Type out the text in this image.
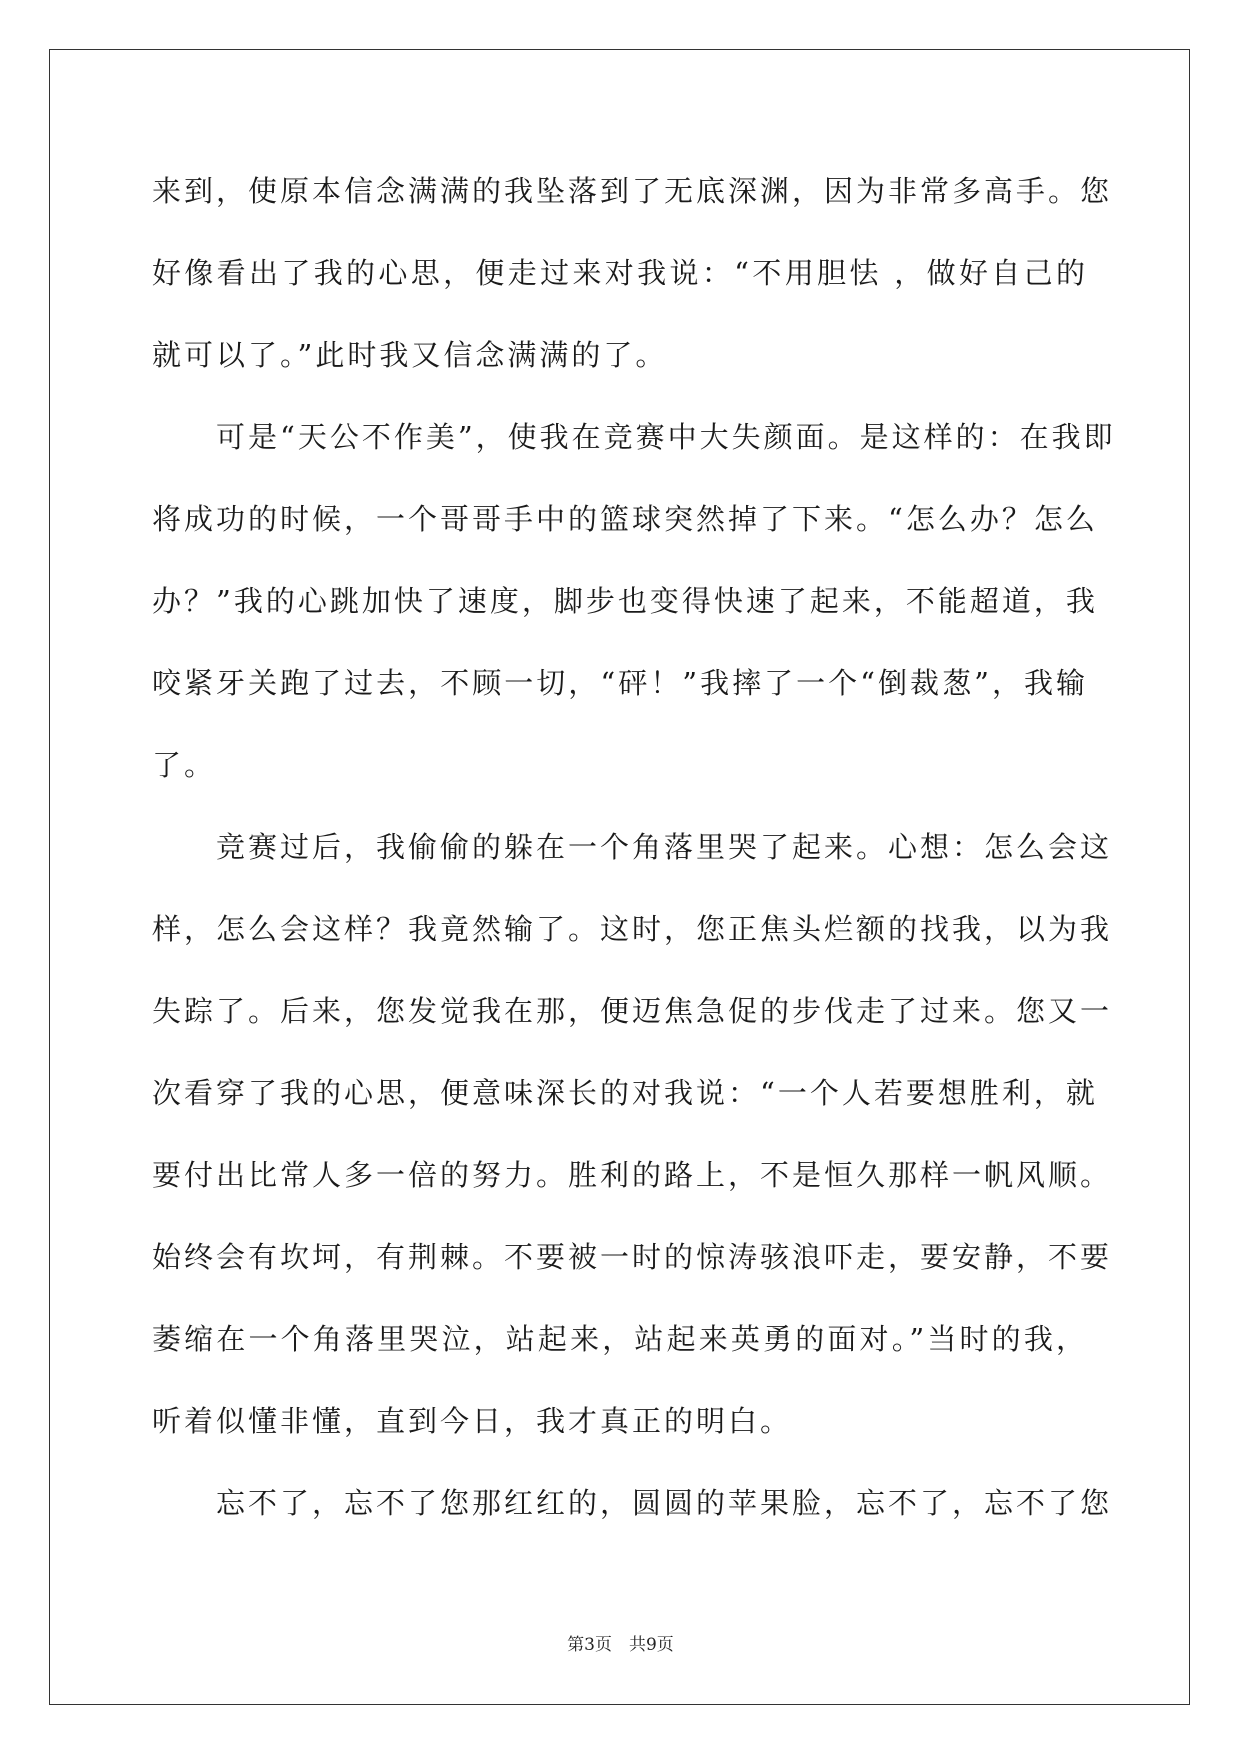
来到，使原本信念满满的我坠落到了无底深渊，因为非常多高手。您
好像看出了我的心思，便走过来对我说：“不用胆怯 ，做好自己的
就可以了。”此时我又信念满满的了。
　　可是“天公不作美”，使我在竞赛中大失颜面。是这样的：在我即
将成功的时候，一个哥哥手中的篮球突然掉了下来。“怎么办？怎么
办？”我的心跳加快了速度，脚步也变得快速了起来，不能超道，我
咬紧牙关跑了过去，不顾一切，“砰！”我摔了一个“倒裁葱”，我输
了。
　　竞赛过后，我偷偷的躲在一个角落里哭了起来。心想：怎么会这
样，怎么会这样？我竟然输了。这时，您正焦头烂额的找我，以为我
失踪了。后来，您发觉我在那，便迈焦急促的步伐走了过来。您又一
次看穿了我的心思，便意味深长的对我说：“一个人若要想胜利，就
要付出比常人多一倍的努力。胜利的路上，不是恒久那样一帆风顺。
始终会有坎坷，有荆棘。不要被一时的惊涛骇浪吓走，要安静，不要
萎缩在一个角落里哭泣，站起来，站起来英勇的面对。”当时的我，
听着似懂非懂，直到今日，我才真正的明白。
　　忘不了，忘不了您那红红的，圆圆的苹果脸，忘不了，忘不了您
第3页　共9页
